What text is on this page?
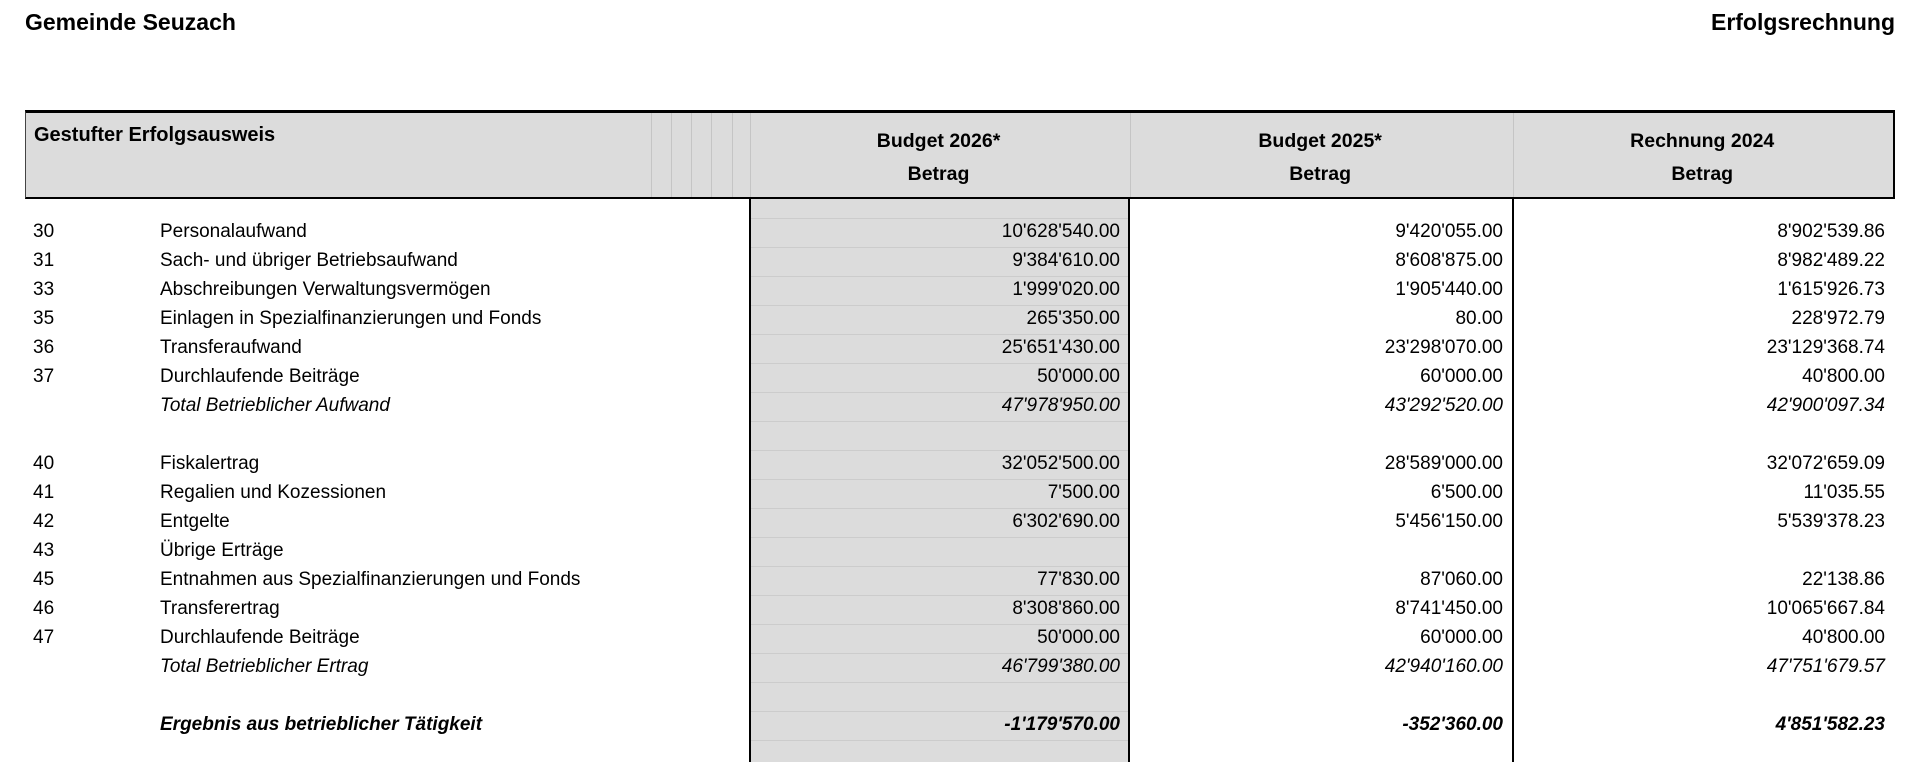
Gemeinde Seuzach	Erfolgsrechnung
Gestufter Erfolgsausweis	Budget 2026*	Budget 2025*	Rechnung 2024
Betrag	Betrag	Betrag
30	Personalaufwand	10'628'540.00	9'420'055.00	8'902'539.86
31	Sach- und übriger Betriebsaufwand	9'384'610.00	8'608'875.00	8'982'489.22
33	Abschreibungen Verwaltungsvermögen	1'999'020.00	1'905'440.00	1'615'926.73
35	Einlagen in Spezialfinanzierungen und Fonds	265'350.00	80.00	228'972.79
36	Transferaufwand	25'651'430.00	23'298'070.00	23'129'368.74
37	Durchlaufende Beiträge	50'000.00	60'000.00	40'800.00
Total Betrieblicher Aufwand	47'978'950.00	43'292'520.00	42'900'097.34
40	Fiskalertrag	32'052'500.00	28'589'000.00	32'072'659.09
41	Regalien und Kozessionen	7'500.00	6'500.00	11'035.55
42	Entgelte	6'302'690.00	5'456'150.00	5'539'378.23
43	Übrige Erträge
45	Entnahmen aus Spezialfinanzierungen und Fonds	77'830.00	87'060.00	22'138.86
46	Transferertrag	8'308'860.00	8'741'450.00	10'065'667.84
47	Durchlaufende Beiträge	50'000.00	60'000.00	40'800.00
Total Betrieblicher Ertrag	46'799'380.00	42'940'160.00	47'751'679.57
Ergebnis aus betrieblicher Tätigkeit	-1'179'570.00	-352'360.00	4'851'582.23
